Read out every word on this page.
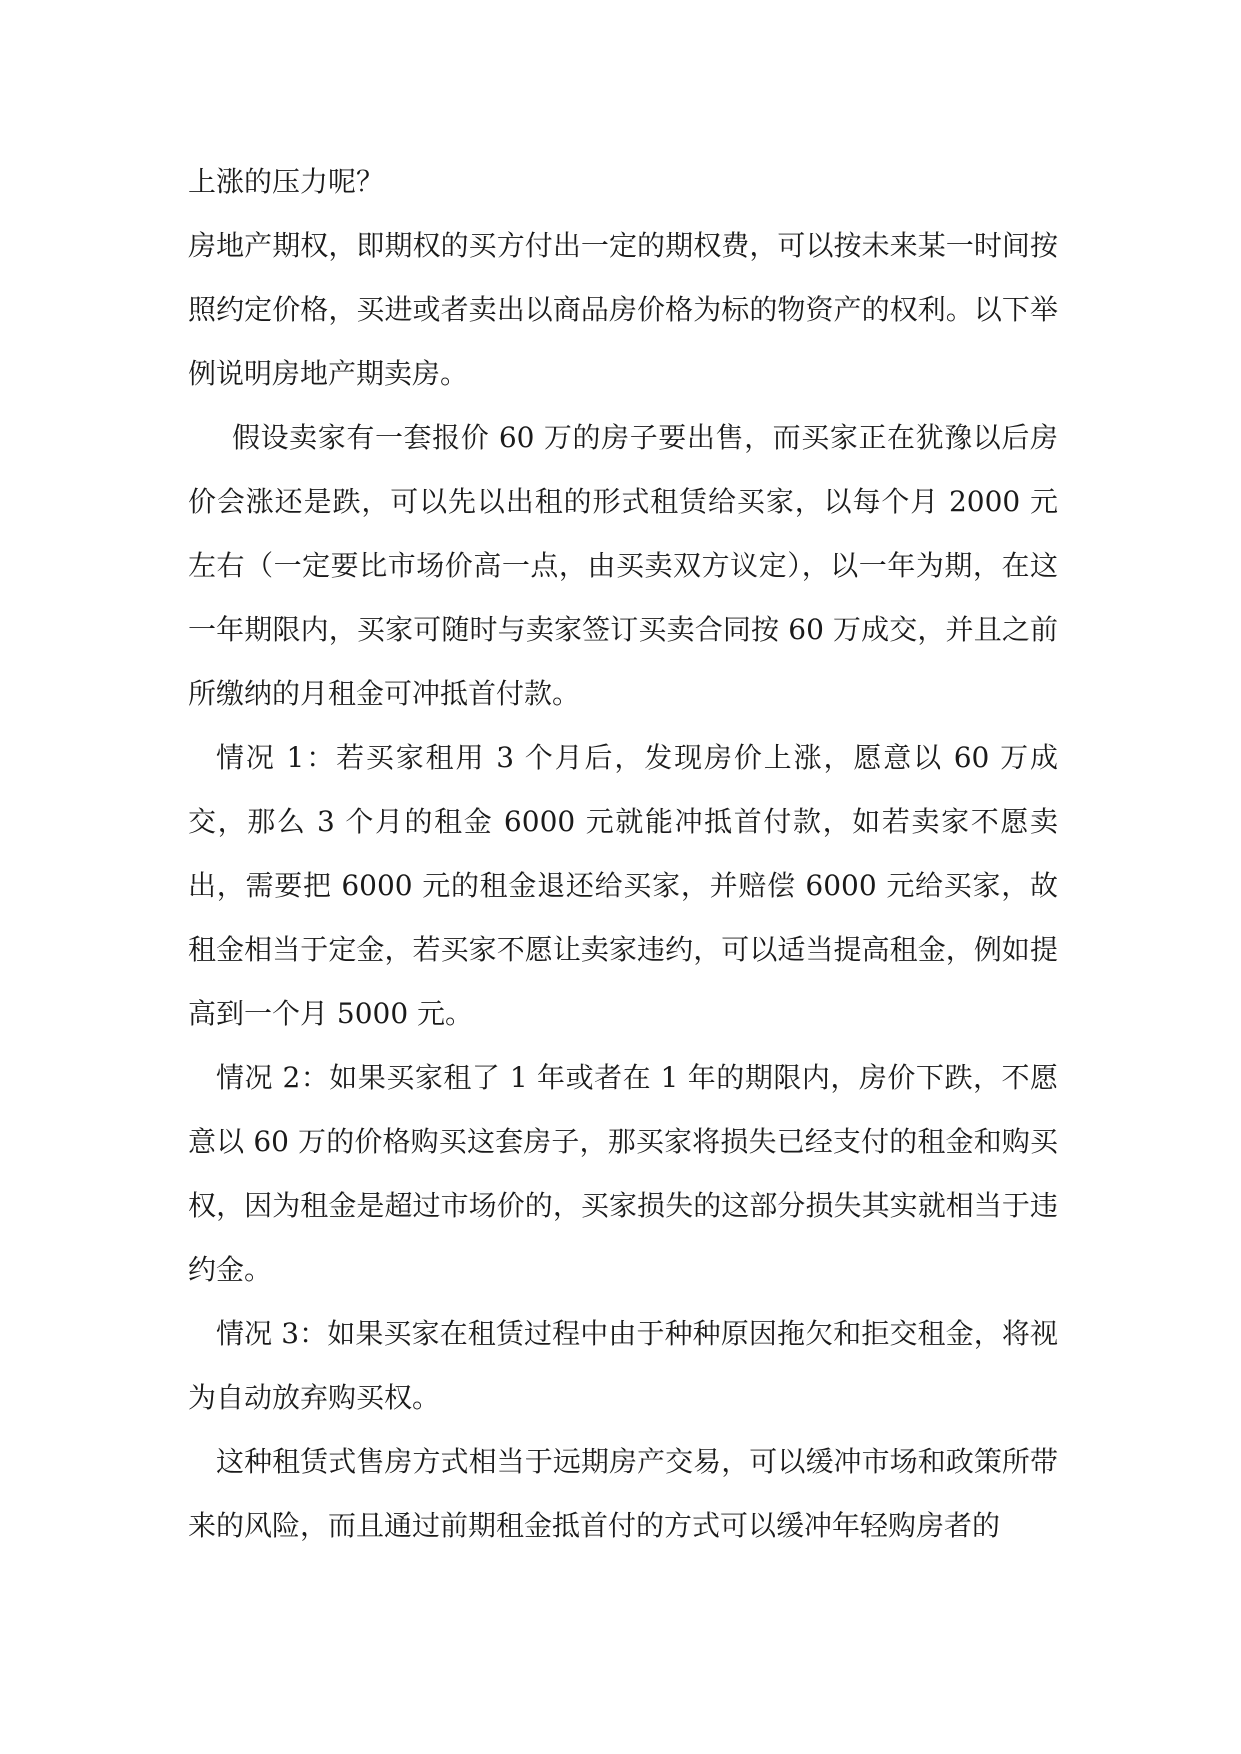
上涨的压力呢？

房地产期权，即期权的买方付出一定的期权费，可以按未来某一时间按照约定价格，买进或者卖出以商品房价格为标的物资产的权利。以下举例说明房地产期卖房。

假设卖家有一套报价 60 万的房子要出售，而买家正在犹豫以后房价会涨还是跌，可以先以出租的形式租赁给买家，以每个月 2000 元左右（一定要比市场价高一点，由买卖双方议定），以一年为期，在这一年期限内，买家可随时与卖家签订买卖合同按 60 万成交，并且之前所缴纳的月租金可冲抵首付款。

情况 1：若买家租用 3 个月后，发现房价上涨，愿意以 60 万成交，那么 3 个月的租金 6000 元就能冲抵首付款，如若卖家不愿卖出，需要把 6000 元的租金退还给买家，并赔偿 6000 元给买家，故租金相当于定金，若买家不愿让卖家违约，可以适当提高租金，例如提高到一个月 5000 元。

情况 2：如果买家租了 1 年或者在 1 年的期限内，房价下跌，不愿意以 60 万的价格购买这套房子，那买家将损失已经支付的租金和购买权，因为租金是超过市场价的，买家损失的这部分损失其实就相当于违约金。

情况 3：如果买家在租赁过程中由于种种原因拖欠和拒交租金，将视为自动放弃购买权。

这种租赁式售房方式相当于远期房产交易，可以缓冲市场和政策所带来的风险，而且通过前期租金抵首付的方式可以缓冲年轻购房者的
